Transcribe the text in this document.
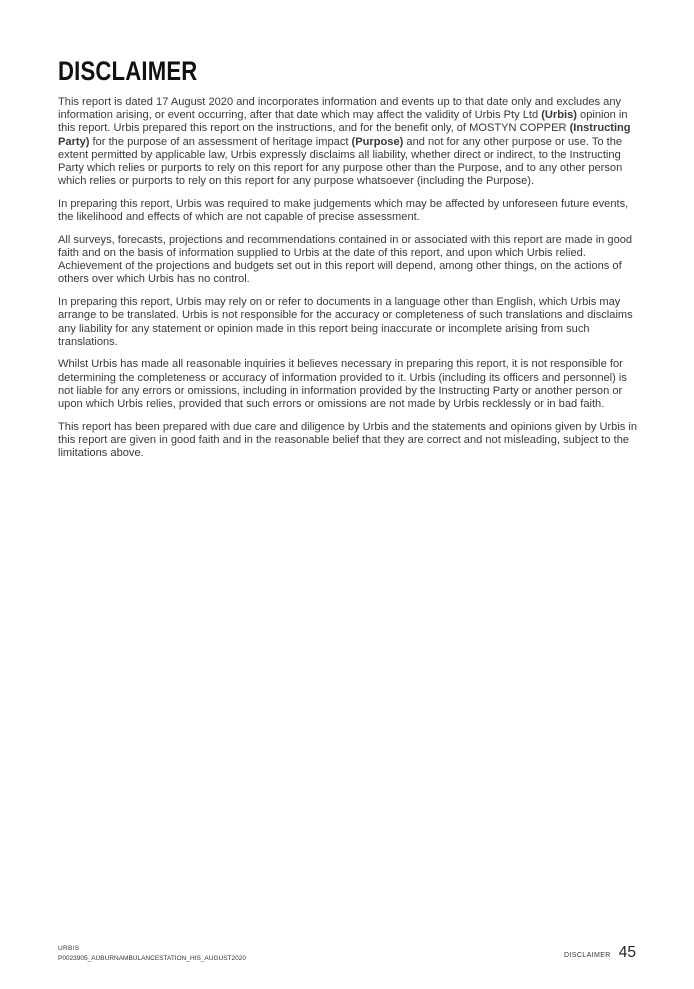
DISCLAIMER

This report is dated 17 August 2020 and incorporates information and events up to that date only and excludes any information arising, or event occurring, after that date which may affect the validity of Urbis Pty Ltd (Urbis) opinion in this report. Urbis prepared this report on the instructions, and for the benefit only, of MOSTYN COPPER (Instructing Party) for the purpose of an assessment of heritage impact (Purpose) and not for any other purpose or use. To the extent permitted by applicable law, Urbis expressly disclaims all liability, whether direct or indirect, to the Instructing Party which relies or purports to rely on this report for any purpose other than the Purpose, and to any other person which relies or purports to rely on this report for any purpose whatsoever (including the Purpose).

In preparing this report, Urbis was required to make judgements which may be affected by unforeseen future events, the likelihood and effects of which are not capable of precise assessment.

All surveys, forecasts, projections and recommendations contained in or associated with this report are made in good faith and on the basis of information supplied to Urbis at the date of this report, and upon which Urbis relied. Achievement of the projections and budgets set out in this report will depend, among other things, on the actions of others over which Urbis has no control.

In preparing this report, Urbis may rely on or refer to documents in a language other than English, which Urbis may arrange to be translated. Urbis is not responsible for the accuracy or completeness of such translations and disclaims any liability for any statement or opinion made in this report being inaccurate or incomplete arising from such translations.

Whilst Urbis has made all reasonable inquiries it believes necessary in preparing this report, it is not responsible for determining the completeness or accuracy of information provided to it. Urbis (including its officers and personnel) is not liable for any errors or omissions, including in information provided by the Instructing Party or another person or upon which Urbis relies, provided that such errors or omissions are not made by Urbis recklessly or in bad faith.

This report has been prepared with due care and diligence by Urbis and the statements and opinions given by Urbis in this report are given in good faith and in the reasonable belief that they are correct and not misleading, subject to the limitations above.

URBIS
P0023905_AUBURNAMBULANCESTATION_HIS_AUGUST2020	DISCLAIMER 45
